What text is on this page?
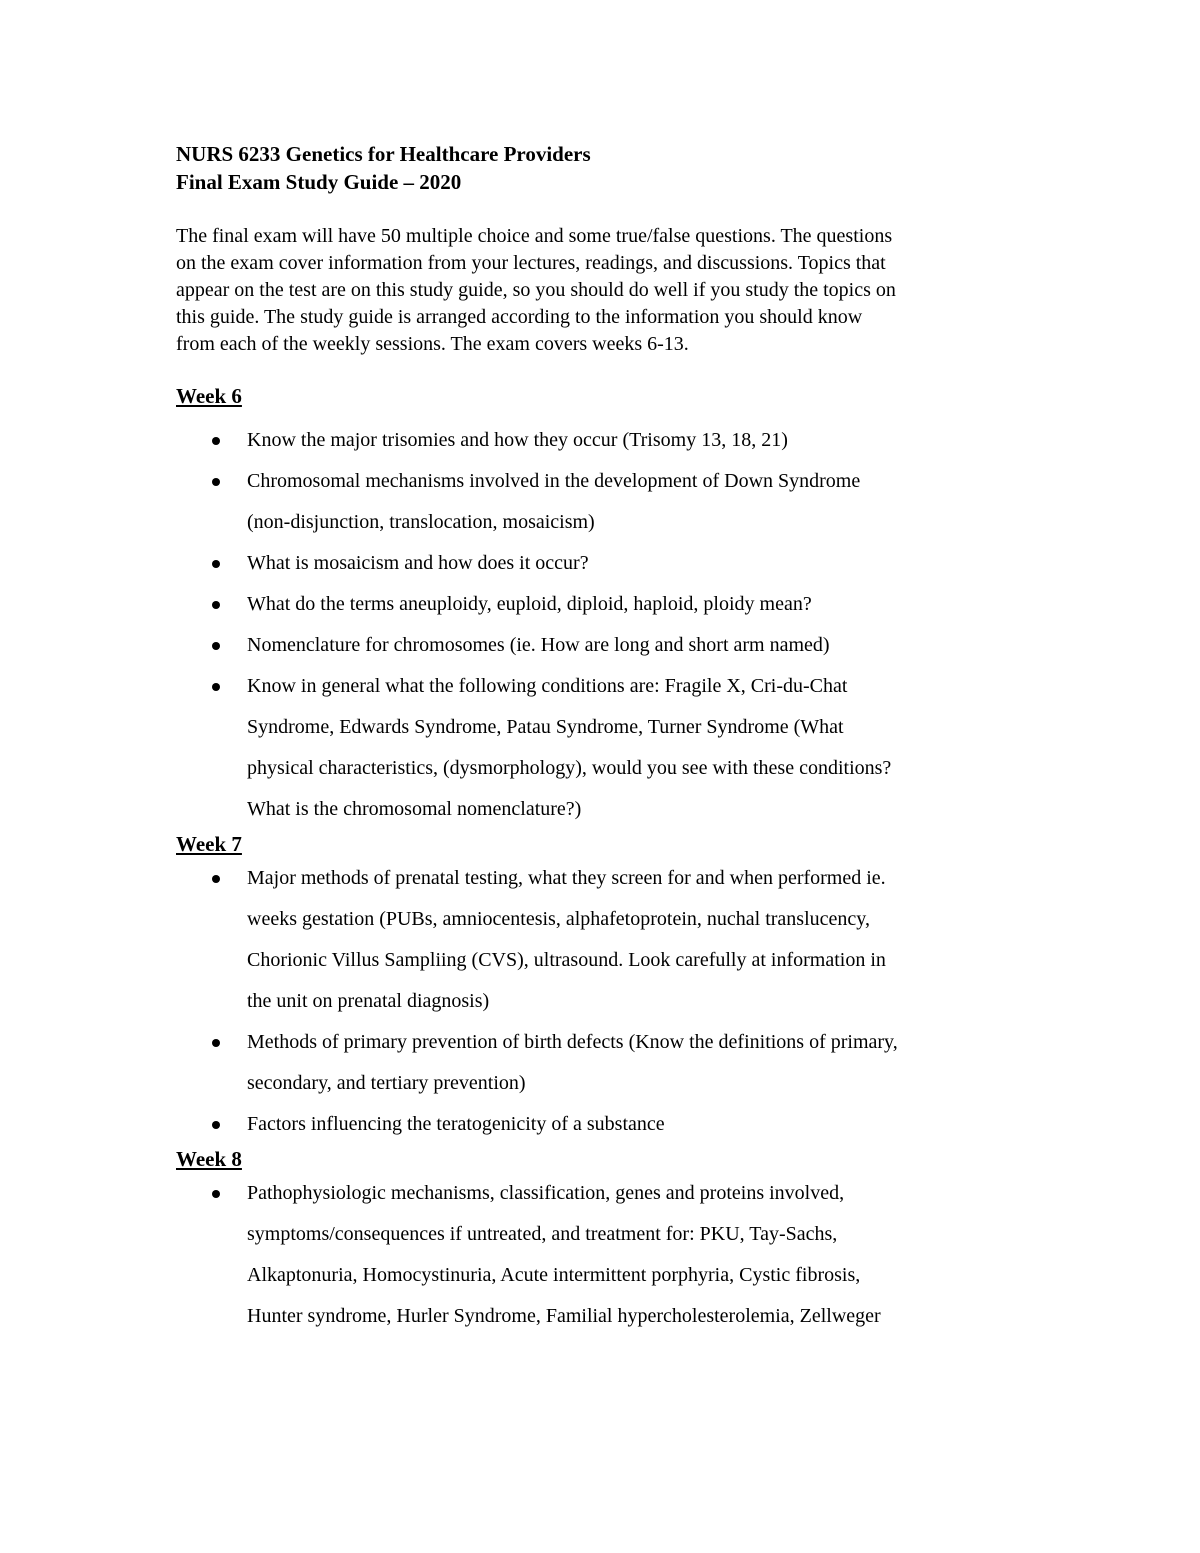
NURS 6233 Genetics for Healthcare Providers

Final Exam Study Guide – 2020

The final exam will have 50 multiple choice and some true/false questions. The questions
on the exam cover information from your lectures, readings, and discussions. Topics that
appear on the test are on this study guide, so you should do well if you study the topics on
this guide. The study guide is arranged according to the information you should know
from each of the weekly sessions. The exam covers weeks 6-13.

Week 6

Know the major trisomies and how they occur (Trisomy 13, 18, 21)
Chromosomal mechanisms involved in the development of Down Syndrome
(non-disjunction, translocation, mosaicism)
What is mosaicism and how does it occur?
What do the terms aneuploidy, euploid, diploid, haploid, ploidy mean?
Nomenclature for chromosomes (ie. How are long and short arm named)
Know in general what the following conditions are: Fragile X, Cri-du-Chat
Syndrome, Edwards Syndrome, Patau Syndrome, Turner Syndrome (What
physical characteristics, (dysmorphology), would you see with these conditions?
What is the chromosomal nomenclature?)

Week 7

Major methods of prenatal testing, what they screen for and when performed ie.
weeks gestation (PUBs, amniocentesis, alphafetoprotein, nuchal translucency,
Chorionic Villus Sampliing (CVS), ultrasound. Look carefully at information in
the unit on prenatal diagnosis)
Methods of primary prevention of birth defects (Know the definitions of primary,
secondary, and tertiary prevention)
Factors influencing the teratogenicity of a substance

Week 8

Pathophysiologic mechanisms, classification, genes and proteins involved,
symptoms/consequences if untreated, and treatment for: PKU, Tay-Sachs,
Alkaptonuria, Homocystinuria, Acute intermittent porphyria, Cystic fibrosis,
Hunter syndrome, Hurler Syndrome, Familial hypercholesterolemia, Zellweger
